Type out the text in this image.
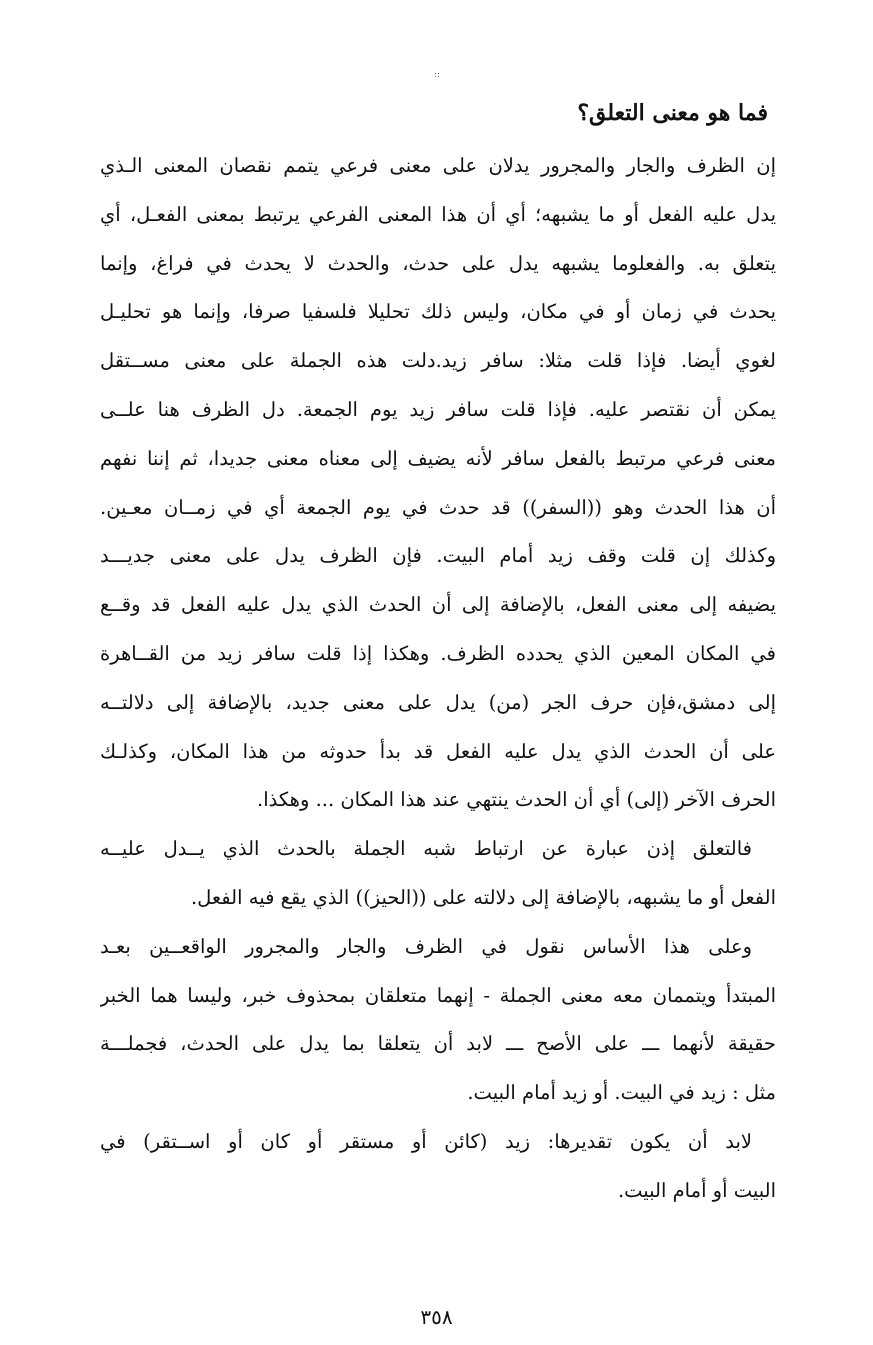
::
فما هو معنى التعلق؟
إن الظرف والجار والمجرور يدلان على معنى فرعي يتمم نقصان المعنى الـذي
يدل عليه الفعل أو ما يشبهه؛ أي أن هذا المعنى الفرعي يرتبط بمعنى الفعـل، أي
يتعلق به. والفعلوما يشبهه يدل على حدث، والحدث لا يحدث في فراغ، وإنما
يحدث في زمان أو في مكان، وليس ذلك تحليلا فلسفيا صرفا، وإنما هو تحليـل
لغوي أيضا. فإذا قلت مثلا: سافر زيد.دلت هذه الجملة على معنى مســتقل
يمكن أن نقتصر عليه. فإذا قلت سافر زيد يوم الجمعة. دل الظرف هنا علــى
معنى فرعي مرتبط بالفعل سافر لأنه يضيف إلى معناه معنى جديدا، ثم إننا نفهم
أن هذا الحدث وهو ((السفر)) قد حدث في يوم الجمعة أي في زمــان معـين.
وكذلك إن قلت وقف زيد أمام البيت. فإن الظرف يدل على معنى جديـــد
يضيفه إلى معنى الفعل، بالإضافة إلى أن الحدث الذي يدل عليه الفعل قد وقــع
في المكان المعين الذي يحدده الظرف. وهكذا إذا قلت سافر زيد من القــاهرة
إلى دمشق،فإن حرف الجر (من) يدل على معنى جديد، بالإضافة إلى دلالتــه
على أن الحدث الذي يدل عليه الفعل قد بدأ حدوثه من هذا المكان، وكذلـك
الحرف الآخر (إلى) أي أن الحدث ينتهي عند هذا المكان ... وهكذا.
فالتعلق إذن عبارة عن ارتباط شبه الجملة بالحدث الذي يــدل عليــه
الفعل أو ما يشبهه، بالإضافة إلى دلالته على ((الحيز)) الذي يقع فيه الفعل.
وعلى هذا الأساس نقول في الظرف والجار والمجرور الواقعــين بعـد
المبتدأ ويتممان معه معنى الجملة - إنهما متعلقان بمحذوف خبر، وليسا هما الخبر
حقيقة لأنهما ـــ على الأصح ـــ لابد أن يتعلقا بما يدل على الحدث، فجملـــة
مثل : زيد في البيت. أو زيد أمام البيت.
لابد أن يكون تقديرها: زيد (كائن أو مستقر أو كان أو اســتقر) في
البيت أو أمام البيت.
٣٥٨
